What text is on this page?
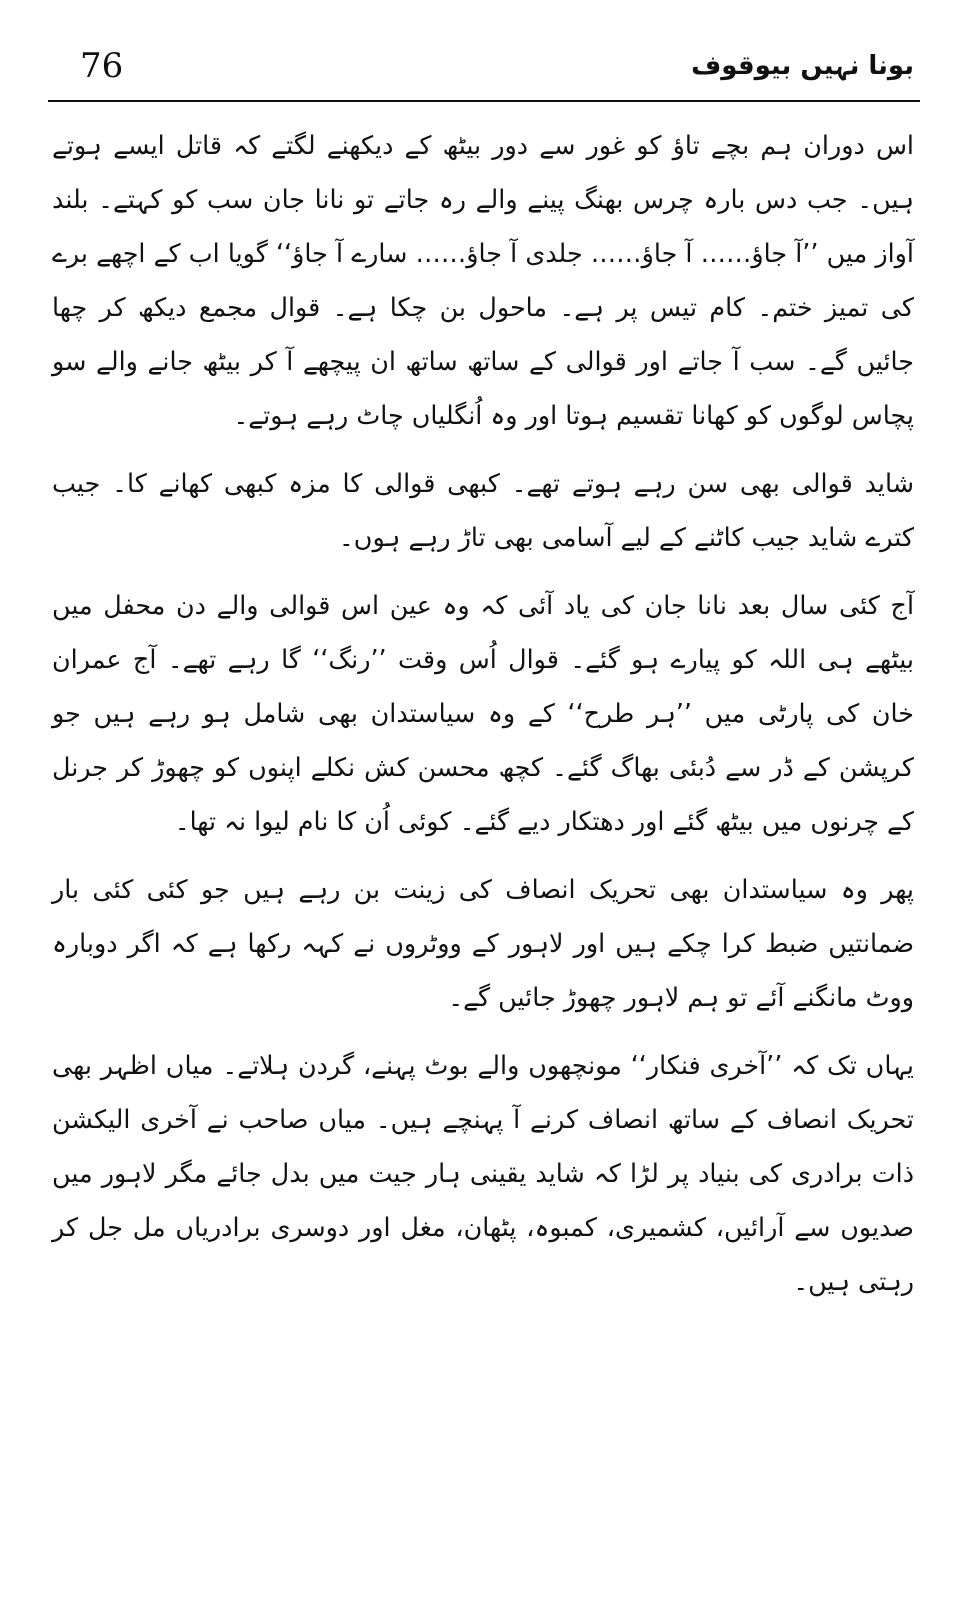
76	بونا نہیں بیوقوف

اس دوران ہم بچے تاؤ کو غور سے دور بیٹھ کے دیکھنے لگتے کہ قاتل ایسے ہوتے ہیں۔ جب دس بارہ چرس بھنگ پینے والے رہ جاتے تو نانا جان سب کو کہتے۔ بلند آواز میں ’’آ جاؤ…… آ جاؤ…… جلدی آ جاؤ…… سارے آ جاؤ‘‘ گویا اب کے اچھے برے کی تمیز ختم۔ کام تیس پر ہے۔ ماحول بن چکا ہے۔ قوال مجمع دیکھ کر چھا جائیں گے۔ سب آ جاتے اور قوالی کے ساتھ ساتھ ان پیچھے آ کر بیٹھ جانے والے سو پچاس لوگوں کو کھانا تقسیم ہوتا اور وہ اُنگلیاں چاٹ رہے ہوتے۔

شاید قوالی بھی سن رہے ہوتے تھے۔ کبھی قوالی کا مزہ کبھی کھانے کا۔ جیب کترے شاید جیب کاٹنے کے لیے آسامی بھی تاڑ رہے ہوں۔

آج کئی سال بعد نانا جان کی یاد آئی کہ وہ عین اس قوالی والے دن محفل میں بیٹھے ہی اللہ کو پیارے ہو گئے۔ قوال اُس وقت ’’رنگ‘‘ گا رہے تھے۔ آج عمران خان کی پارٹی میں ’’ہر طرح‘‘ کے وہ سیاستدان بھی شامل ہو رہے ہیں جو کرپشن کے ڈر سے دُبئی بھاگ گئے۔ کچھ محسن کش نکلے اپنوں کو چھوڑ کر جرنل کے چرنوں میں بیٹھ گئے اور دھتکار دیے گئے۔ کوئی اُن کا نام لیوا نہ تھا۔

پھر وہ سیاستدان بھی تحریک انصاف کی زینت بن رہے ہیں جو کئی کئی بار ضمانتیں ضبط کرا چکے ہیں اور لاہور کے ووٹروں نے کہہ رکھا ہے کہ اگر دوبارہ ووٹ مانگنے آئے تو ہم لاہور چھوڑ جائیں گے۔

یہاں تک کہ ’’آخری فنکار‘‘ مونچھوں والے بوٹ پہنے، گردن ہلاتے۔ میاں اظہر بھی تحریک انصاف کے ساتھ انصاف کرنے آ پہنچے ہیں۔ میاں صاحب نے آخری الیکشن ذات برادری کی بنیاد پر لڑا کہ شاید یقینی ہار جیت میں بدل جائے مگر لاہور میں صدیوں سے آرائیں، کشمیری، کمبوہ، پٹھان، مغل اور دوسری برادریاں مل جل کر رہتی ہیں۔
